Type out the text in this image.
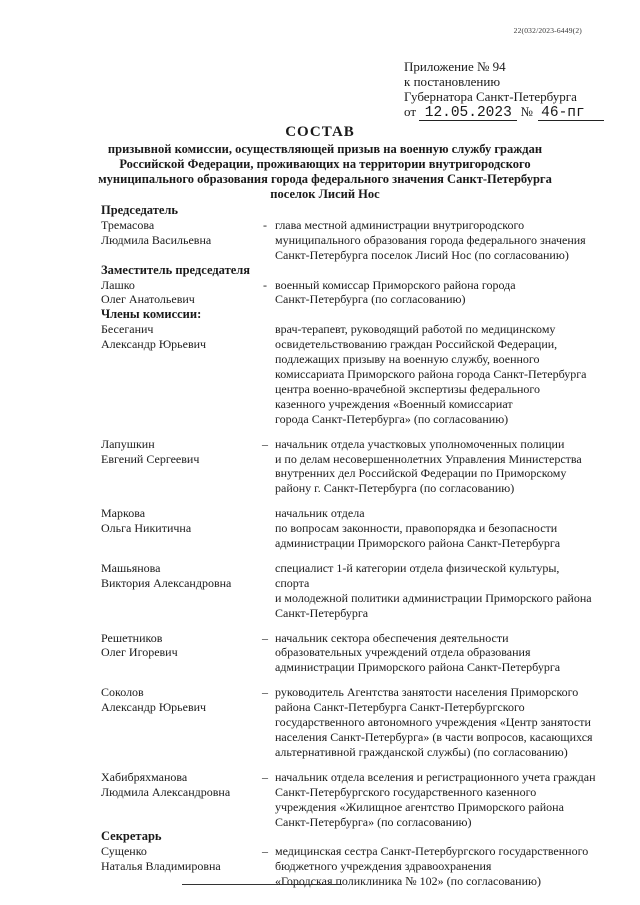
22(032/2023-6449(2)
Приложение № 94
к постановлению
Губернатора Санкт-Петербурга
от 12.05.2023 № 46-пг
СОСТАВ
призывной комиссии, осуществляющей призыв на военную службу граждан Российской Федерации, проживающих на территории внутригородского муниципального образования города федерального значения Санкт-Петербурга поселок Лисий Нос
Председатель
Тремасова
Людмила Васильевна
- глава местной администрации внутригородского
муниципального образования города федерального значения
Санкт-Петербурга поселок Лисий Нос (по согласованию)
Заместитель председателя
Лашко
Олег Анатольевич
- военный комиссар Приморского района города
Санкт-Петербурга (по согласованию)
Члены комиссии:
Бесеганич
Александр Юрьевич
врач-терапевт, руководящий работой по медицинскому
освидетельствованию граждан Российской Федерации,
подлежащих призыву на военную службу, военного
комиссариата Приморского района города Санкт-Петербурга
центра военно-врачебной экспертизы федерального
казенного учреждения «Военный комиссариат
города Санкт-Петербурга» (по согласованию)
Лапушкин
Евгений Сергеевич
– начальник отдела участковых уполномоченных полиции
и по делам несовершеннолетних Управления Министерства
внутренних дел Российской Федерации по Приморскому
району г. Санкт-Петербурга (по согласованию)
Маркова
Ольга Никитична
начальник отдела
по вопросам законности, правопорядка и безопасности
администрации Приморского района Санкт-Петербурга
Машьянова
Виктория Александровна
специалист 1-й категории отдела физической культуры,
спорта
и молодежной политики администрации Приморского района
Санкт-Петербурга
Решетников
Олег Игоревич
– начальник сектора обеспечения деятельности
образовательных учреждений отдела образования
администрации Приморского района Санкт-Петербурга
Соколов
Александр Юрьевич
– руководитель Агентства занятости населения Приморского
района Санкт-Петербурга Санкт-Петербургского
государственного автономного учреждения «Центр занятости
населения Санкт-Петербурга» (в части вопросов, касающихся
альтернативной гражданской службы) (по согласованию)
Хабибряхманова
Людмила Александровна
– начальник отдела вселения и регистрационного учета граждан
Санкт-Петербургского государственного казенного
учреждения «Жилищное агентство Приморского района
Санкт-Петербурга» (по согласованию)
Секретарь
Сущенко
Наталья Владимировна
– медицинская сестра Санкт-Петербургского государственного
бюджетного учреждения здравоохранения
«Городская поликлиника № 102» (по согласованию)
